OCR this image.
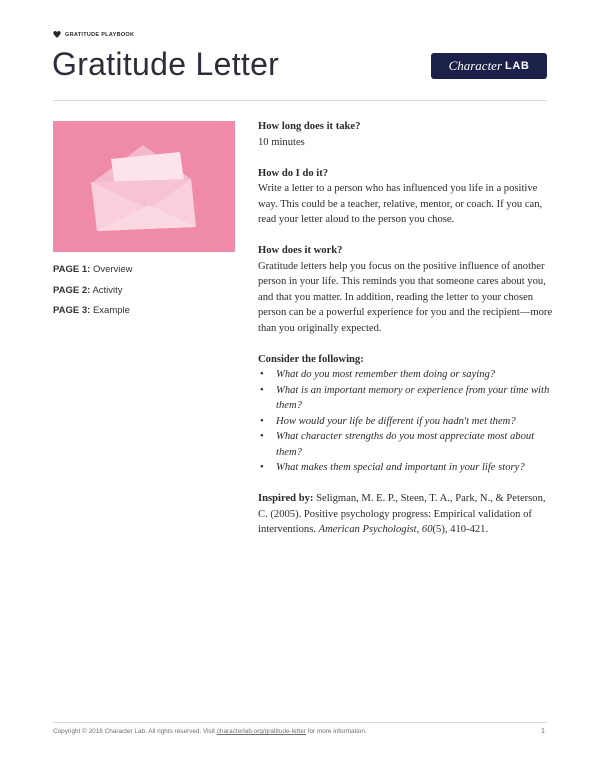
GRATITUDE PLAYBOOK
Gratitude Letter	Character LAB
PAGE 1: Overview
PAGE 2: Activity
PAGE 3: Example

How long does it take?

10 minutes

How do I do it?

Write a letter to a person who has influenced you life in a positive way. This could be a teacher, relative, mentor, or coach. If you can, read your letter aloud to the person you chose.

How does it work?

Gratitude letters help you focus on the positive influence of another person in your life. This reminds you that someone cares about you, and that you matter. In addition, reading the letter to your chosen person can be a powerful experience for you and the recipient—more than you originally expected.

Consider the following:

• What do you most remember them doing or saying?
• What is an important memory or experience from your time with them?
• How would your life be different if you hadn't met them?
• What character strengths do you most appreciate most about them?
• What makes them special and important in your life story?

Inspired by: Seligman, M. E. P., Steen, T. A., Park, N., & Peterson, C. (2005). Positive psychology progress: Empirical validation of interventions. American Psychologist, 60(5), 410-421.

Copyright © 2018 Character Lab. All rights reserved. Visit characterlab.org/gratitude-letter for more information.	1
